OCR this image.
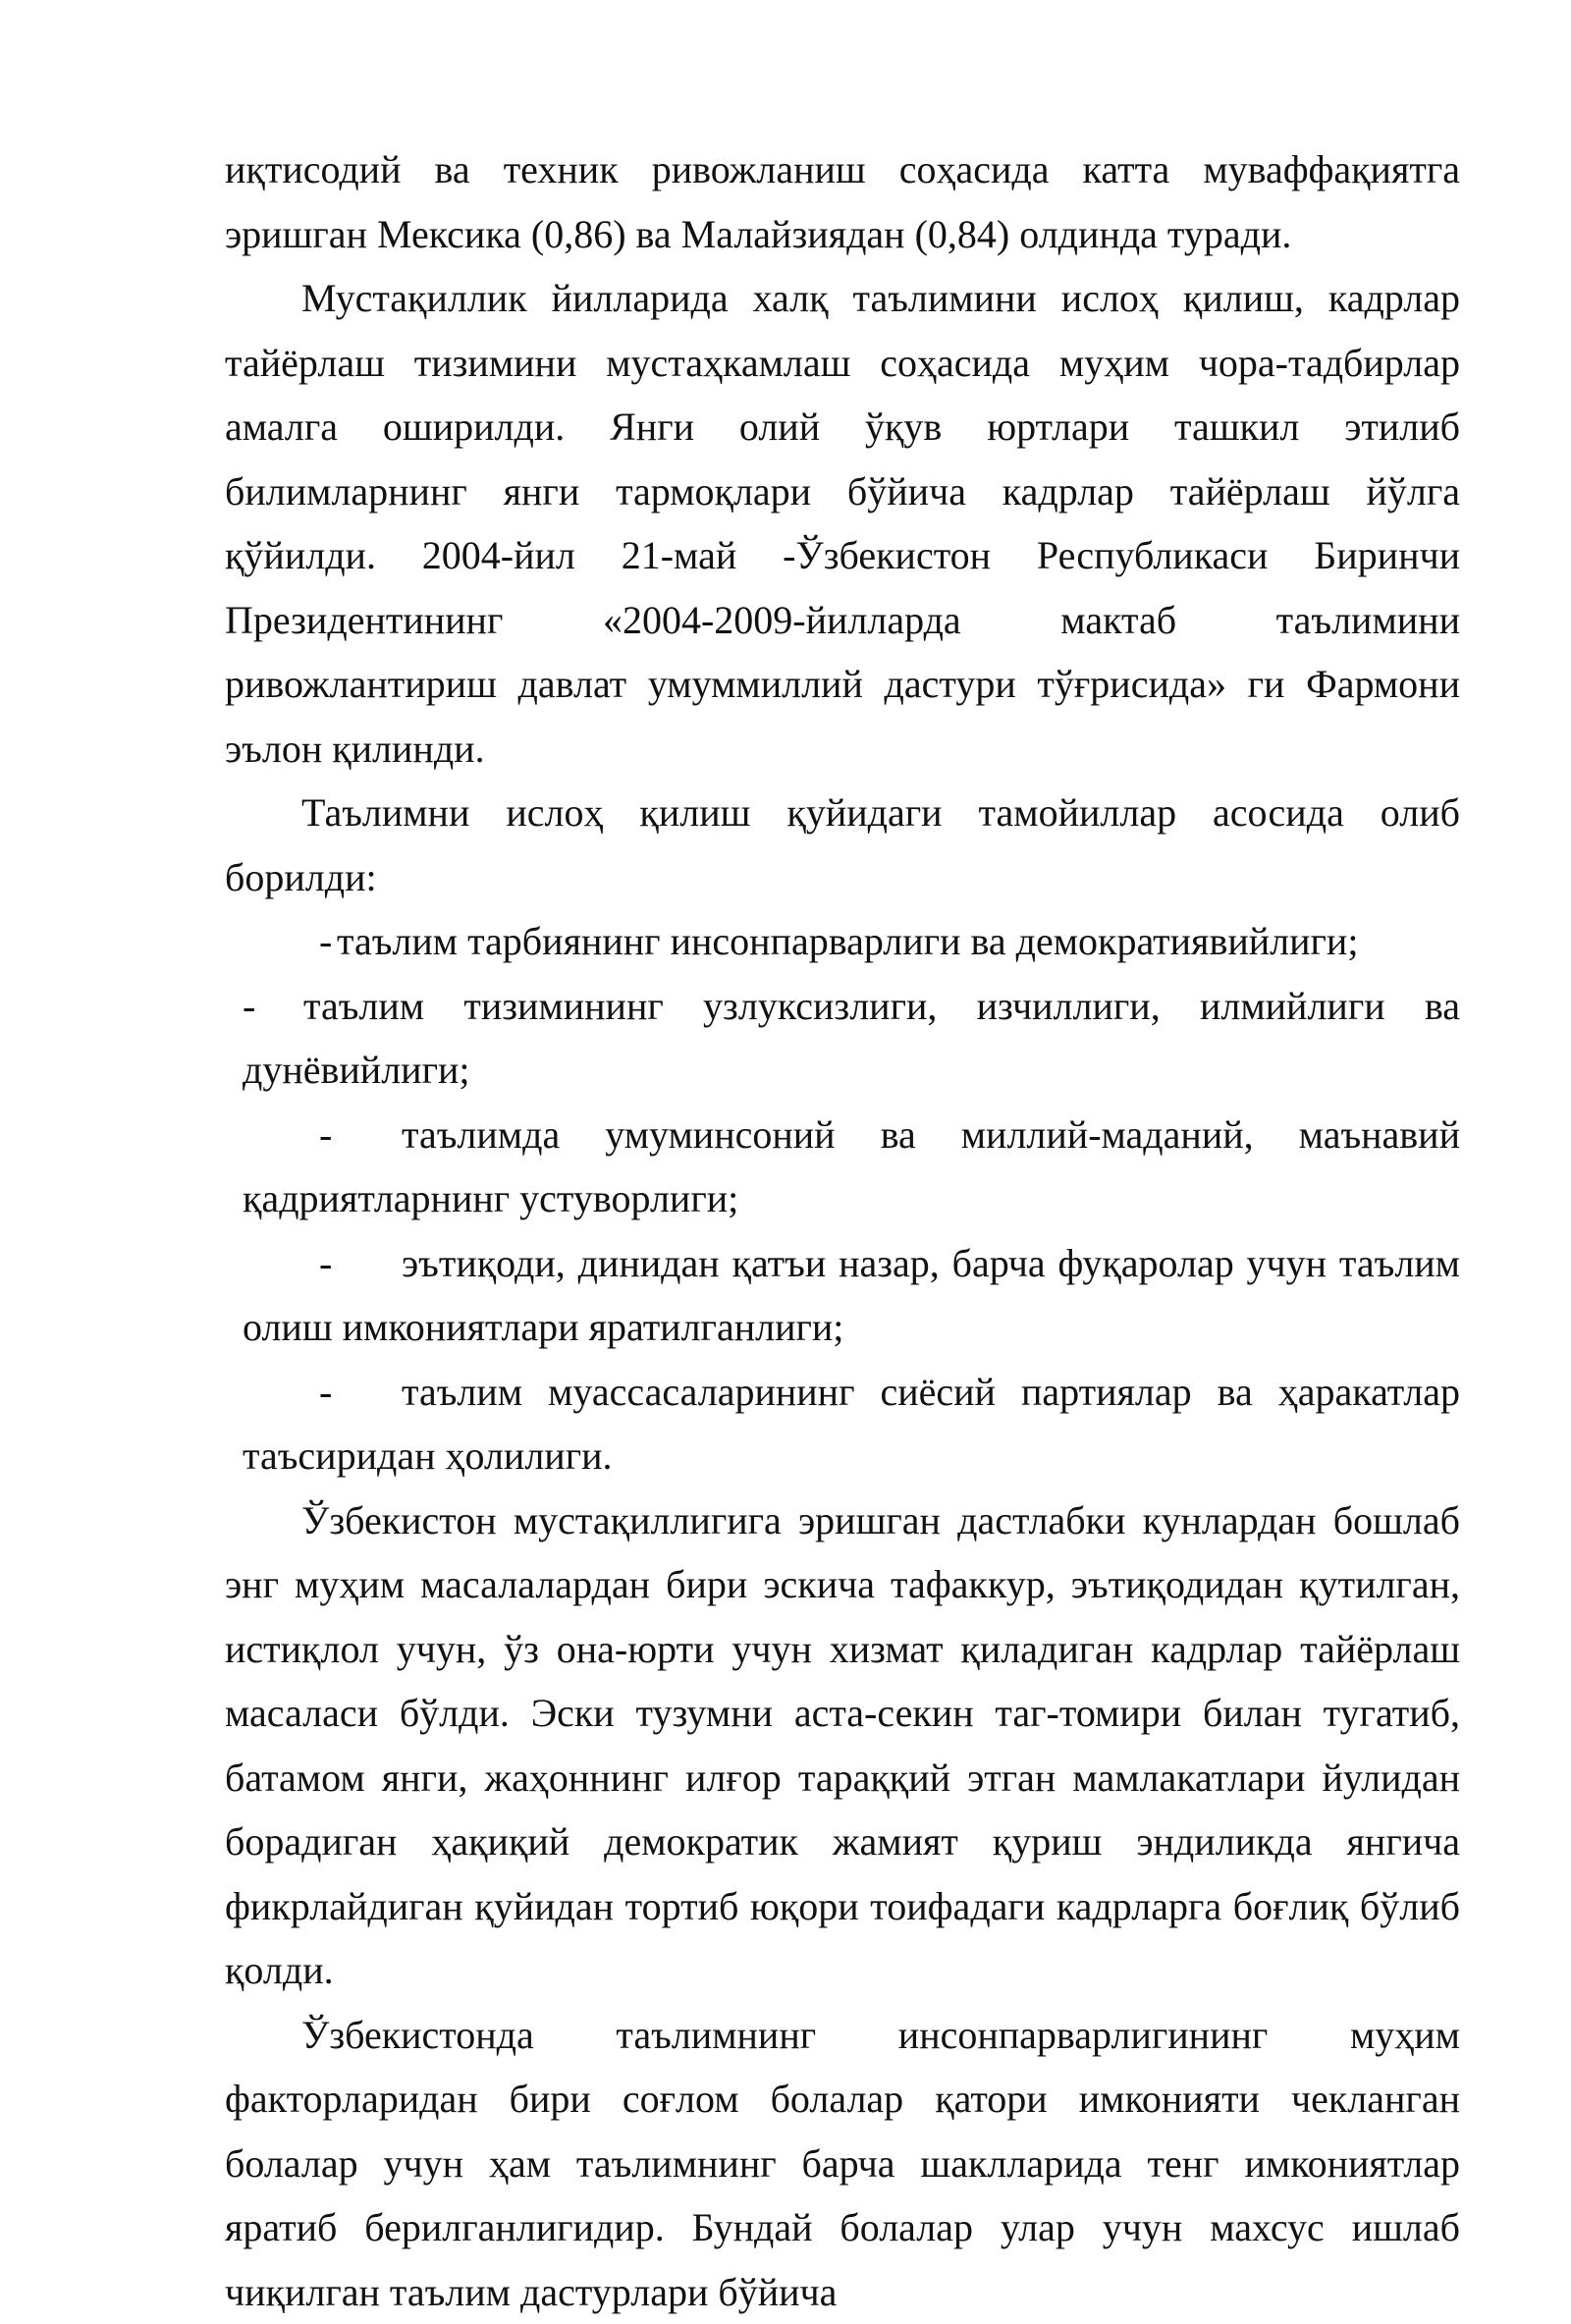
иқтисодий ва техник ривожланиш соҳасида катта муваффақиятга эришган Мексика (0,86) ва Малайзиядан (0,84) олдинда туради.

Мустақиллик йилларида халқ таълимини ислоҳ қилиш, кадрлар тайёрлаш тизимини мустаҳкамлаш соҳасида муҳим чора-тадбирлар амалга оширилди. Янги олий ўқув юртлари ташкил этилиб билимларнинг янги тармоқлари бўйича кадрлар тайёрлаш йўлга қўйилди. 2004-йил 21-май -Ўзбекистон Республикаси Биринчи Президентининг «2004-2009-йилларда мактаб таълимини ривожлантириш давлат умуммиллий дастури тўғрисида» ги Фармони эълон қилинди.

Таълимни ислоҳ қилиш қуйидаги тамойиллар асосида олиб борилди:

- таълим тарбиянинг инсонпарварлиги ва демократиявийлиги;

- таълим тизимининг узлуксизлиги, изчиллиги, илмийлиги ва дунёвийлиги;

- таълимда умуминсоний ва миллий-маданий, маънавий қадриятларнинг устуворлиги;

- эътиқоди, динидан қатъи назар, барча фуқаролар учун таълим олиш имкониятлари яратилганлиги;

- таълим муассасаларининг сиёсий партиялар ва ҳаракатлар таъсиридан ҳолилиги.

Ўзбекистон мустақиллигига эришган дастлабки кунлардан бошлаб энг муҳим масалалардан бири эскича тафаккур, эътиқодидан қутилган, истиқлол учун, ўз она-юрти учун хизмат қиладиган кадрлар тайёрлаш масаласи бўлди. Эски тузумни аста-секин таг-томири билан тугатиб, батамом янги, жаҳоннинг илғор тараққий этган мамлакатлари йулидан борадиган ҳақиқий демократик жамият қуриш эндиликда янгича фикрлайдиган қуйидан тортиб юқори тоифадаги кадрларга боғлиқ бўлиб қолди.

Ўзбекистонда таълимнинг инсонпарварлигининг муҳим факторларидан бири соғлом болалар қатори имконияти чекланган болалар учун ҳам таълимнинг барча шаклларида тенг имкониятлар яратиб берилганлигидир. Бундай болалар улар учун махсус ишлаб чиқилган таълим дастурлари бўйича
